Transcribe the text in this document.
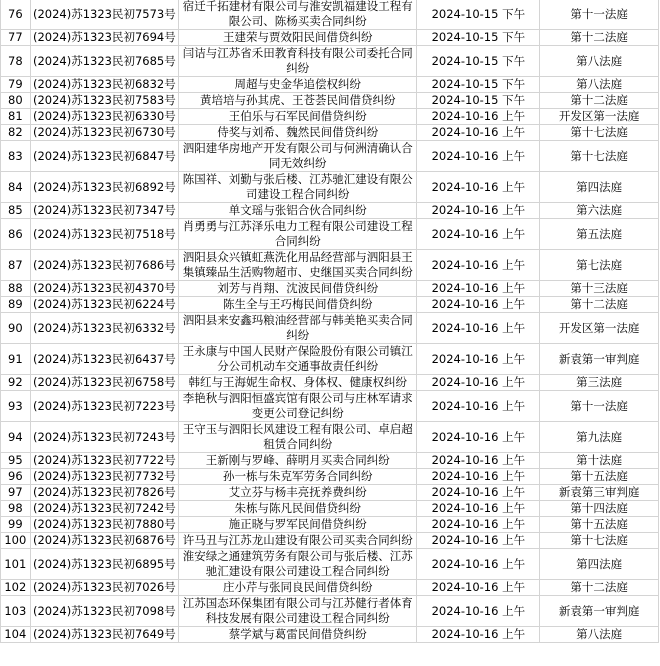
76	(2024)苏1323民初7573号	宿迁千拓建材有限公司与淮安凯福建设工程有限公司、陈杨买卖合同纠纷	2024-10-15 下午	第十一法庭
77	(2024)苏1323民初7694号	王建荣与贾效阳民间借贷纠纷	2024-10-15 下午	第十二法庭
78	(2024)苏1323民初7685号	闫诘与江苏省禾田教育科技有限公司委托合同纠纷	2024-10-15 下午	第八法庭
79	(2024)苏1323民初6832号	周超与史金华追偿权纠纷	2024-10-15 下午	第八法庭
80	(2024)苏1323民初7583号	黄培培与孙其虎、王苍荟民间借贷纠纷	2024-10-15 下午	第十二法庭
81	(2024)苏1323民初6330号	王伯乐与石军民间借贷纠纷	2024-10-16 上午	开发区第一法庭
82	(2024)苏1323民初6730号	侍奖与刘希、魏然民间借贷纠纷	2024-10-16 上午	第十七法庭
83	(2024)苏1323民初6847号	泗阳建华房地产开发有限公司与何洲清确认合同无效纠纷	2024-10-16 上午	第十七法庭
84	(2024)苏1323民初6892号	陈国祥、刘勤与张后楼、江苏驰汇建设有限公司建设工程合同纠纷	2024-10-16 上午	第四法庭
85	(2024)苏1323民初7347号	单文瑶与张铝合伙合同纠纷	2024-10-16 上午	第六法庭
86	(2024)苏1323民初7518号	肖勇勇与江苏泽乐电力工程有限公司建设工程合同纠纷	2024-10-16 上午	第五法庭
87	(2024)苏1323民初7686号	泗阳县众兴镇虹燕洗化用品经营部与泗阳县王集镇臻品生活购物超市、史继国买卖合同纠纷	2024-10-16 上午	第七法庭
88	(2024)苏1323民初4370号	刘芳与肖翔、沈波民间借贷纠纷	2024-10-16 上午	第十三法庭
89	(2024)苏1323民初6224号	陈生全与王巧梅民间借贷纠纷	2024-10-16 上午	第十二法庭
90	(2024)苏1323民初6332号	泗阳县来安鑫玛粮油经营部与韩美艳买卖合同纠纷	2024-10-16 上午	开发区第一法庭
91	(2024)苏1323民初6437号	王永康与中国人民财产保险股份有限公司镇江分公司机动车交通事故责任纠纷	2024-10-16 上午	新袁第一审判庭
92	(2024)苏1323民初6758号	韩红与王海妮生命权、身体权、健康权纠纷	2024-10-16 上午	第三法庭
93	(2024)苏1323民初7223号	李艳秋与泗阳恒盛宾馆有限公司与庄林军请求变更公司登记纠纷	2024-10-16 上午	第十一法庭
94	(2024)苏1323民初7243号	王守玉与泗阳长风建设工程有限公司、卓启超租赁合同纠纷	2024-10-16 上午	第九法庭
95	(2024)苏1323民初7722号	王新刚与罗峰、薛明月买卖合同纠纷	2024-10-16 上午	第十法庭
96	(2024)苏1323民初7732号	孙一栋与朱克军劳务合同纠纷	2024-10-16 上午	第十五法庭
97	(2024)苏1323民初7826号	艾立芬与杨丰亮抚养费纠纷	2024-10-16 上午	新袁第三审判庭
98	(2024)苏1323民初7242号	朱栋与陈凡民间借贷纠纷	2024-10-16 上午	第十四法庭
99	(2024)苏1323民初7880号	施正晓与罗军民间借贷纠纷	2024-10-16 上午	第十五法庭
100	(2024)苏1323民初6876号	许马丑与江苏龙山建设有限公司买卖合同纠纷	2024-10-16 上午	第十七法庭
101	(2024)苏1323民初6895号	淮安绿之通建筑劳务有限公司与张后楼、江苏驰汇建设有限公司建设工程合同纠纷	2024-10-16 上午	第四法庭
102	(2024)苏1323民初7026号	庄小芹与张同良民间借贷纠纷	2024-10-16 上午	第十二法庭
103	(2024)苏1323民初7098号	江苏国态环保集团有限公司与江苏健行者体育科技发展有限公司建设工程合同纠纷	2024-10-16 上午	新袁第一审判庭
104	(2024)苏1323民初7649号	蔡学斌与葛雷民间借贷纠纷	2024-10-16 上午	第八法庭
